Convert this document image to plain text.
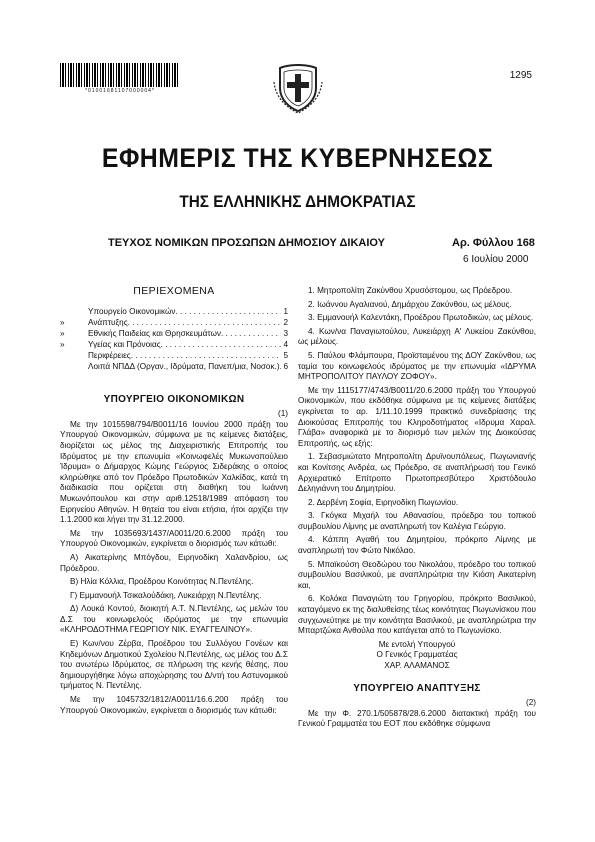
*01001681107000004*
1295
ΕΦΗΜΕΡΙΣ ΤΗΣ ΚΥΒΕΡΝΗΣΕΩΣ
ΤΗΣ ΕΛΛΗΝΙΚΗΣ ΔΗΜΟΚΡΑΤΙΑΣ
ΤΕΥΧΟΣ ΝΟΜΙΚΩΝ ΠΡΟΣΩΠΩΝ ΔΗΜΟΣΙΟΥ ΔΙΚΑΙΟΥ	Αρ. Φύλλου 168
6 Ιουλίου 2000
ΠΕΡΙΕΧΟΜΕΝΑ
Υπουργείο Οικονομικών . . .	1
»	Ανάπτυξης . . .	2
»	Εθνικής Παιδείας και Θρησκευμάτων . . .	3
»	Υγείας και Πρόνοιας . . .	4
Περιφέρειες . . .	5
Λοιπά ΝΠΔΔ (Οργαν., Ιδρύματα, Πανεπ/μια, Νοσοκ.) . . . 6
ΥΠΟΥΡΓΕΙΟ ΟΙΚΟΝΟΜΙΚΩΝ
(1)

Με την 1015598/794/Β0011/16 Ιουνίου 2000 πράξη του Υπουργού Οικονομικών, σύμφωνα με τις κείμενες διατάξεις, διορίζεται ως μέλος της Διαχειριστικής Επιτροπής του Ιδρύματος με την επωνυμία «Κοινωφελές Μυκωνοπούλειο Ίδρυμα» ο Δήμαρχος Κώμης Γεώργιος Σιδεράκης ο οποίος κληρώθηκε από τον Πρόεδρο Πρωτοδικών Χαλκίδας, κατά τη διαδικασία που ορίζεται στη διαθήκη του Ιωάννη Μυκωνόπουλου και στην αριθ.12518/1989 απόφαση του Ειρηνείου Αθηνών. Η θητεία του είναι ετήσια, ήτοι αρχίζει την 1.1.2000 και λήγει την 31.12.2000.

Με την 1035693/1437/Α0011/20.6.2000 πράξη του Υπουργού Οικονομικών, εγκρίνεται ο διορισμός των κάτωθι:

Α) Αικατερίνης Μπόγδου, Ειρηνοδίκη Χαλανδρίου, ως Πρόεδρου.

Β) Ηλία Κόλλια, Προέδρου Κοινότητας Ν.Πεντέλης.

Γ) Εμμανουήλ Τσικαλούδάκη, Λυκειάρχη Ν.Πεντέλης.

Δ) Λουκά Κοντού, διοικητή Α.Τ. Ν.Πεντέλης, ως μελών του Δ.Σ του κοινωφελούς ιδρύματος με την επωνυμία «ΚΛΗΡΟΔΟΤΗΜΑ ΓΕΩΡΓΙΟΥ ΝΙΚ. ΕΥΑΓΓΕΛΙΝΟΥ».

Ε) Κων/νου Ζέρβα, Προέδρου του Συλλόγου Γονέων και Κηδεμόνων Δημοτικού Σχολείου Ν.Πεντέλης, ως μέλος του Δ.Σ του ανωτέρω Ιδρύματος, σε πλήρωση της κενής θέσης, που δημιουργήθηκε λόγω αποχώρησης του Δ/ντή του Αστυνομικού τμήματος Ν. Πεντέλης.

Με την 1045732/1812/Α0011/16.6.200 πράξη του Υπουργού Οικονομικών, εγκρίνεται ο διορισμός των κάτωθι:

1. Μητροπολίτη Ζακύνθου Χρυσόστομου, ως Πρόεδρου.

2. Ιωάννου Αγαλιανού, Δημάρχου Ζακύνθου, ως μέλους.

3. Εμμανουήλ Καλεντάκη, Προέδρου Πρωτοδικών, ως μέλους.

4. Κων/να Παναγιωτούλου, Λυκειάρχη Α' Λυκείου Ζακύνθου, ως μέλους.

5. Παύλου Φλάμπουρα, Προϊσταμένου της ΔΟΥ Ζακύνθου, ως ταμία του κοινωφελούς ιδρύματος με την επωνυμία «ΙΔΡΥΜΑ ΜΗΤΡΟΠΟΛΙΤΟΥ ΠΑΥΛΟΥ ΖΟΦΟΥ».

Με την 1115177/4743/Β0011/20.6.2000 πράξη του Υπουργού Οικονομικών, που εκδόθηκε σύμφωνα με τις κείμενες διατάξεις εγκρίνεται το αρ. 1/11.10.1999 πρακτικό συνεδρίασης της Διοικούσας Επιτροπής του Κληροδοτήματος «Ιδρυμα Χαραλ. Γλάβα» αναφορικά με το διορισμό των μελών της Διοικούσας Επιτροπής, ως εξής:

1. Σεβασμιώτατο Μητροπολίτη Δρυϊνουπόλεως, Πωγωνιανής και Κονίτσης Ανδρέα, ως Πρόεδρο, σε αναπλήρωσή του Γενικό Αρχιερατικό Επίτροπο Πρωτοπρεσβύτερο Χριστόδουλο Δεληγιάννη του Δημητρίου.

2. Δερβένη Σοφία, Ειρηνοδίκη Πωγωνίου.

3. Γκόγκα Μιχαήλ του Αθανασίου, πρόεδρο του τοπικού συμβουλίου Λίμνης με αναπληρωτή τον Καλέγια Γεώργιο.

4. Κάππη Αγαθή του Δημητρίου, πρόκριτο Λίμνης με αναπληρωτή τον Φώτο Νικόλαο.

5. Μπαϊκούση Θεοδώρου του Νικολάου, πρόεδρο του τοπικού συμβουλίου Βασιλικού, με αναπληρώτρια την Κιόση Αικατερίνη και,

6. Κολόκα Παναγιώτη του Γρηγορίου, πρόκριτο Βασιλικού, καταγόμενο εκ της διαλυθείσης τέως κοινότητας Πωγωνίσκου που συγχωνεύτηκε με την κοινότητα Βασιλικού, με αναπληρώτρια την Μπαρτζώκα Ανθούλα που κατάγεται από το Πωγωνίσκο.

Με εντολή Υπουργού
Ο Γενικός Γραμματέας
ΧΑΡ. ΑΛΑΜΑΝΟΣ
ΥΠΟΥΡΓΕΙΟ ΑΝΑΠΤΥΞΗΣ
(2)

Με την Φ. 270.1/505878/28.6.2000 διατακτική πράξη του Γενικού Γραμματέα του ΕΟΤ που εκδόθηκε σύμφωνα
